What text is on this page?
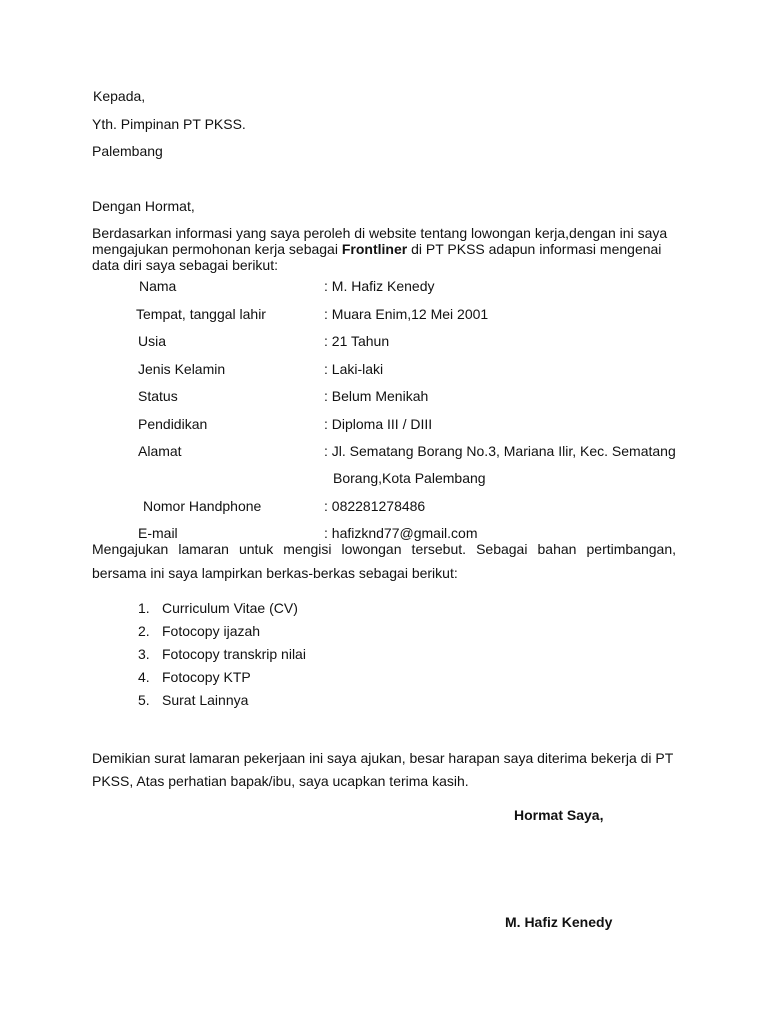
Kepada,
Yth. Pimpinan PT PKSS.
Palembang
Dengan Hormat,
Berdasarkan informasi yang saya peroleh di website tentang lowongan kerja,dengan ini saya
mengajukan permohonan kerja sebagai Frontliner di PT PKSS adapun informasi mengenai
data diri saya sebagai berikut:
Nama	: M. Hafiz Kenedy
Tempat, tanggal lahir	: Muara Enim,12 Mei 2001
Usia	: 21 Tahun
Jenis Kelamin	: Laki-laki
Status	: Belum Menikah
Pendidikan	: Diploma III / DIII
Alamat	: Jl. Sematang Borang No.3, Mariana Ilir, Kec. Sematang
Borang,Kota Palembang
Nomor Handphone	: 082281278486
E-mail	: hafizknd77@gmail.com
Mengajukan lamaran untuk mengisi lowongan tersebut. Sebagai bahan pertimbangan,
bersama ini saya lampirkan berkas-berkas sebagai berikut:
1. Curriculum Vitae (CV)
2. Fotocopy ijazah
3. Fotocopy transkrip nilai
4. Fotocopy KTP
5. Surat Lainnya
Demikian surat lamaran pekerjaan ini saya ajukan, besar harapan saya diterima bekerja di PT
PKSS, Atas perhatian bapak/ibu, saya ucapkan terima kasih.
Hormat Saya,
M. Hafiz Kenedy
